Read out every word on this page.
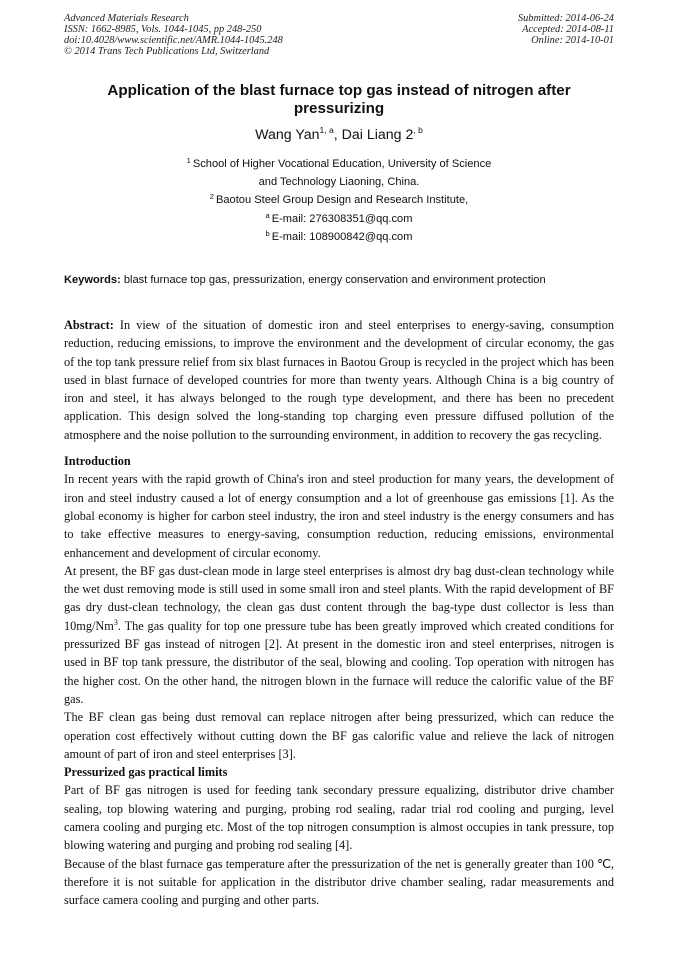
Advanced Materials Research
ISSN: 1662-8985, Vols. 1044-1045, pp 248-250
doi:10.4028/www.scientific.net/AMR.1044-1045.248
© 2014 Trans Tech Publications Ltd, Switzerland
Submitted: 2014-06-24
Accepted: 2014-08-11
Online: 2014-10-01
Application of the blast furnace top gas instead of nitrogen after
pressurizing
Wang Yan$^{1, a}$, Dai Liang $2^{, b}$
$^1$ School of Higher Vocational Education, University of Science
and Technology Liaoning, China.
$^2$ Baotou Steel Group Design and Research Institute,
$^a$ E-mail: 276308351@qq.com
$^b$ E-mail: 108900842@qq.com
Keywords: blast furnace top gas, pressurization, energy conservation and environment protection

Abstract: In view of the situation of domestic iron and steel enterprises to energy-saving, consumption reduction, reducing emissions, to improve the environment and the development of circular economy, the gas of the top tank pressure relief from six blast furnaces in Baotou Group is recycled in the project which has been used in blast furnace of developed countries for more than twenty years. Although China is a big country of iron and steel, it has always belonged to the rough type development, and there has been no precedent application. This design solved the long-standing top charging even pressure diffused pollution of the atmosphere and the noise pollution to the surrounding environment, in addition to recovery the gas recycling.

Introduction

In recent years with the rapid growth of China's iron and steel production for many years, the development of iron and steel industry caused a lot of energy consumption and a lot of greenhouse gas emissions [1]. As the global economy is higher for carbon steel industry, the iron and steel industry is the energy consumers and has to take effective measures to energy-saving, consumption reduction, reducing emissions, environmental enhancement and development of circular economy.

At present, the BF gas dust-clean mode in large steel enterprises is almost dry bag dust-clean technology while the wet dust removing mode is still used in some small iron and steel plants. With the rapid development of BF gas dry dust-clean technology, the clean gas dust content through the bag-type dust collector is less than 10mg/Nm$^3$. The gas quality for top one pressure tube has been greatly improved which created conditions for pressurized BF gas instead of nitrogen [2]. At present in the domestic iron and steel enterprises, nitrogen is used in BF top tank pressure, the distributor of the seal, blowing and cooling. Top operation with nitrogen has the higher cost. On the other hand, the nitrogen blown in the furnace will reduce the calorific value of the BF gas.

The BF clean gas being dust removal can replace nitrogen after being pressurized, which can reduce the operation cost effectively without cutting down the BF gas calorific value and relieve the lack of nitrogen amount of part of iron and steel enterprises [3].

Pressurized gas practical limits

Part of BF gas nitrogen is used for feeding tank secondary pressure equalizing, distributor drive chamber sealing, top blowing watering and purging, probing rod sealing, radar trial rod cooling and purging, level camera cooling and purging etc. Most of the top nitrogen consumption is almost occupies in tank pressure, top blowing watering and purging and probing rod sealing [4].

Because of the blast furnace gas temperature after the pressurization of the net is generally greater than 100 ℃, therefore it is not suitable for application in the distributor drive chamber sealing, radar measurements and surface camera cooling and purging and other parts.
